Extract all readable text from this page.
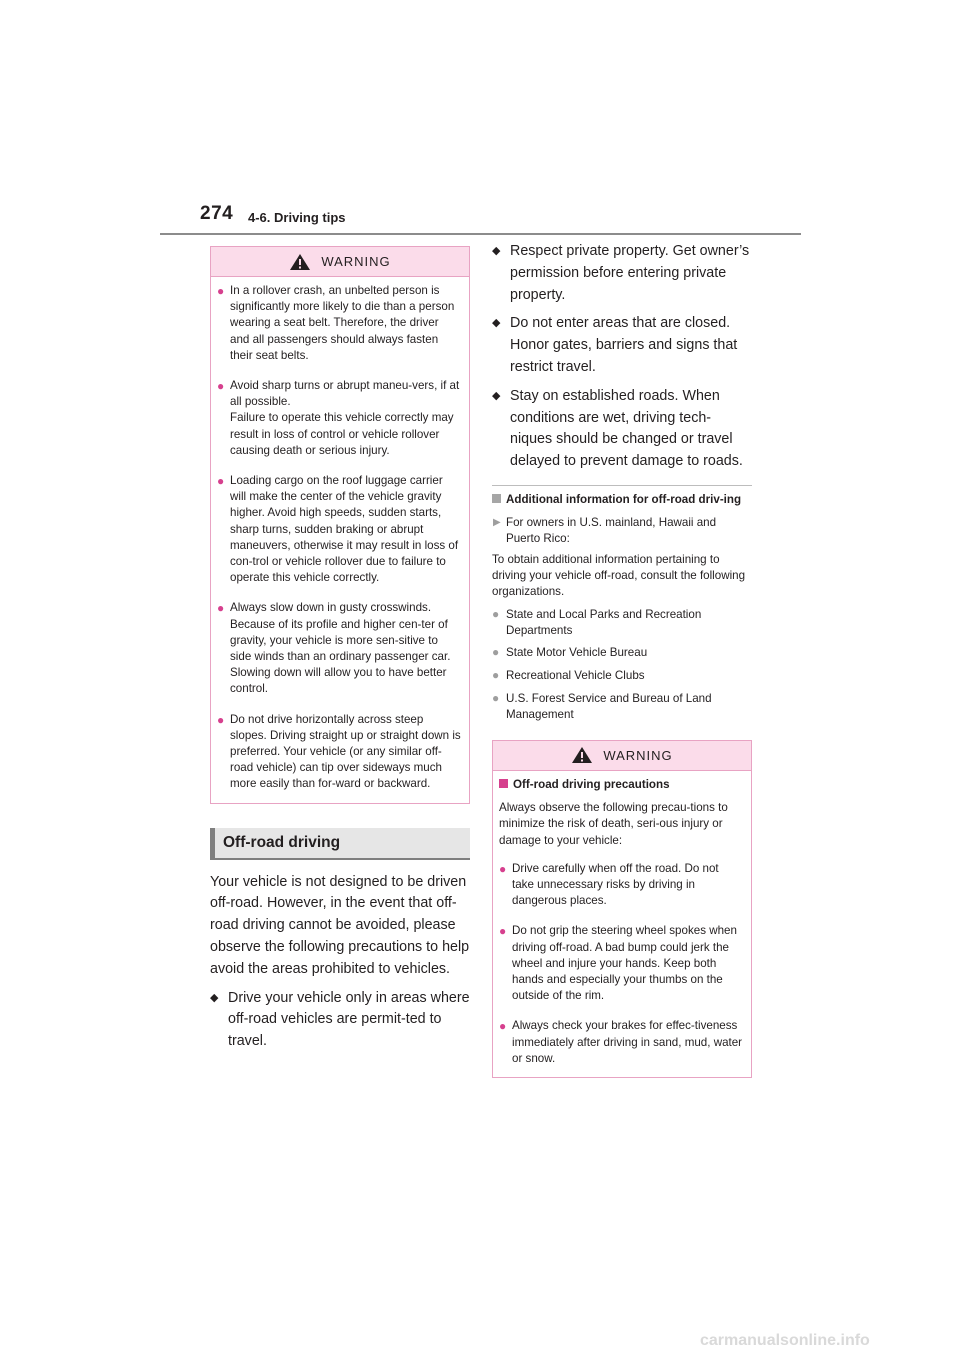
274 4-6. Driving tips
WARNING
● In a rollover crash, an unbelted person is significantly more likely to die than a person wearing a seat belt. Therefore, the driver and all passengers should always fasten their seat belts.
● Avoid sharp turns or abrupt maneu-vers, if at all possible.
Failure to operate this vehicle correctly may result in loss of control or vehicle rollover causing death or serious injury.
● Loading cargo on the roof luggage carrier will make the center of the vehicle gravity higher. Avoid high speeds, sudden starts, sharp turns, sudden braking or abrupt maneuvers, otherwise it may result in loss of con-trol or vehicle rollover due to failure to operate this vehicle correctly.
● Always slow down in gusty crosswinds. Because of its profile and higher cen-ter of gravity, your vehicle is more sen-sitive to side winds than an ordinary passenger car. Slowing down will allow you to have better control.
● Do not drive horizontally across steep slopes. Driving straight up or straight down is preferred. Your vehicle (or any similar off-road vehicle) can tip over sideways much more easily than for-ward or backward.
Off-road driving
Your vehicle is not designed to be driven off-road. However, in the event that off-road driving cannot be avoided, please observe the following precautions to help avoid the areas prohibited to vehicles.
◆ Drive your vehicle only in areas where off-road vehicles are permit-ted to travel.
◆ Respect private property. Get owner’s permission before entering private property.
◆ Do not enter areas that are closed. Honor gates, barriers and signs that restrict travel.
◆ Stay on established roads. When conditions are wet, driving tech-niques should be changed or travel delayed to prevent damage to roads.
Additional information for off-road driv-ing
▶ For owners in U.S. mainland, Hawaii and Puerto Rico:
To obtain additional information pertaining to driving your vehicle off-road, consult the following organizations.
● State and Local Parks and Recreation Departments
● State Motor Vehicle Bureau
● Recreational Vehicle Clubs
● U.S. Forest Service and Bureau of Land Management
WARNING
Off-road driving precautions
Always observe the following precau-tions to minimize the risk of death, seri-ous injury or damage to your vehicle:
● Drive carefully when off the road. Do not take unnecessary risks by driving in dangerous places.
● Do not grip the steering wheel spokes when driving off-road. A bad bump could jerk the wheel and injure your hands. Keep both hands and especially your thumbs on the outside of the rim.
● Always check your brakes for effec-tiveness immediately after driving in sand, mud, water or snow.
carmanualsonline.info
